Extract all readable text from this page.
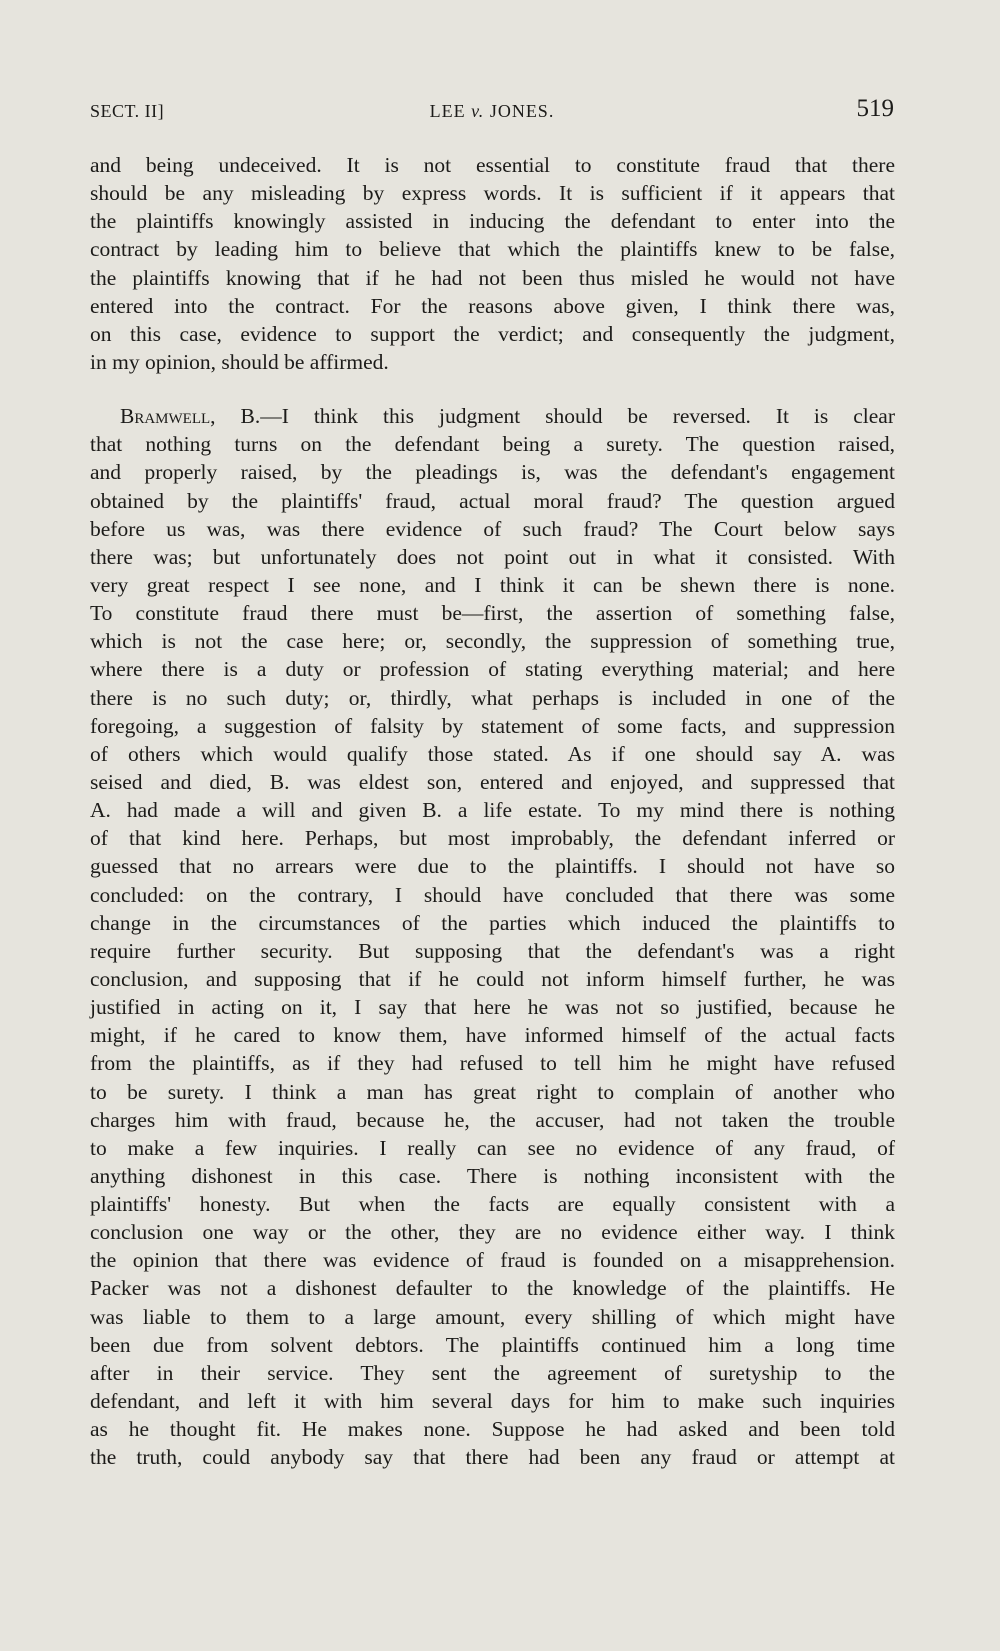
SECT. II]	LEE v. JONES.	519
and being undeceived. It is not essential to constitute fraud that there
should be any misleading by express words. It is sufficient if it appears that
the plaintiffs knowingly assisted in inducing the defendant to enter into the
contract by leading him to believe that which the plaintiffs knew to be false,
the plaintiffs knowing that if he had not been thus misled he would not have
entered into the contract. For the reasons above given, I think there was,
on this case, evidence to support the verdict; and consequently the judgment,
in my opinion, should be affirmed.
Bramwell, B.—I think this judgment should be reversed. It is clear
that nothing turns on the defendant being a surety. The question raised,
and properly raised, by the pleadings is, was the defendant's engagement
obtained by the plaintiffs' fraud, actual moral fraud? The question argued
before us was, was there evidence of such fraud? The Court below says
there was; but unfortunately does not point out in what it consisted. With
very great respect I see none, and I think it can be shewn there is none.
To constitute fraud there must be—first, the assertion of something false,
which is not the case here; or, secondly, the suppression of something true,
where there is a duty or profession of stating everything material; and here
there is no such duty; or, thirdly, what perhaps is included in one of the
foregoing, a suggestion of falsity by statement of some facts, and suppression
of others which would qualify those stated. As if one should say A. was
seised and died, B. was eldest son, entered and enjoyed, and suppressed that
A. had made a will and given B. a life estate. To my mind there is nothing
of that kind here. Perhaps, but most improbably, the defendant inferred or
guessed that no arrears were due to the plaintiffs. I should not have so
concluded: on the contrary, I should have concluded that there was some
change in the circumstances of the parties which induced the plaintiffs to
require further security. But supposing that the defendant's was a right
conclusion, and supposing that if he could not inform himself further, he was
justified in acting on it, I say that here he was not so justified, because he
might, if he cared to know them, have informed himself of the actual facts
from the plaintiffs, as if they had refused to tell him he might have refused
to be surety. I think a man has great right to complain of another who
charges him with fraud, because he, the accuser, had not taken the trouble
to make a few inquiries. I really can see no evidence of any fraud, of
anything dishonest in this case. There is nothing inconsistent with the
plaintiffs' honesty. But when the facts are equally consistent with a
conclusion one way or the other, they are no evidence either way. I think
the opinion that there was evidence of fraud is founded on a misapprehension.
Packer was not a dishonest defaulter to the knowledge of the plaintiffs. He
was liable to them to a large amount, every shilling of which might have
been due from solvent debtors. The plaintiffs continued him a long time
after in their service. They sent the agreement of suretyship to the
defendant, and left it with him several days for him to make such inquiries
as he thought fit. He makes none. Suppose he had asked and been told
the truth, could anybody say that there had been any fraud or attempt at
